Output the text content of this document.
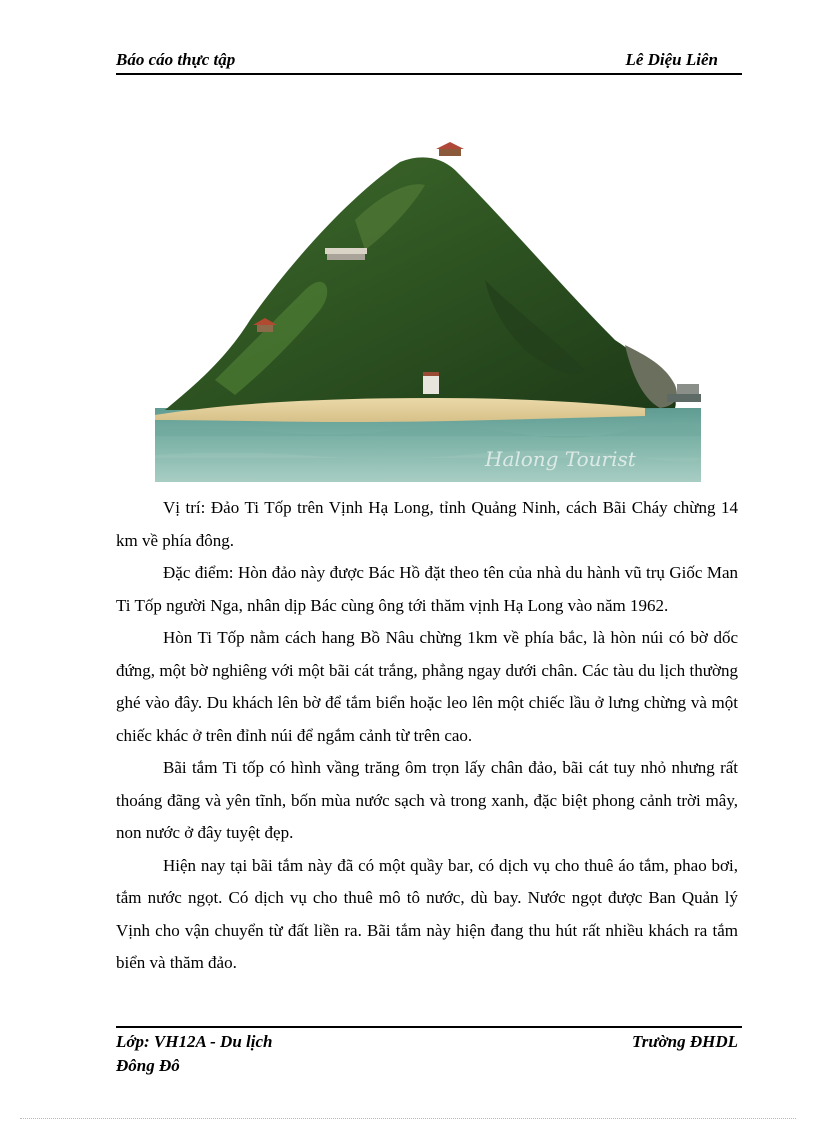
Báo cáo thực tập	Lê Diệu Liên
Halong Tourist

Vị trí: Đảo Ti Tốp trên Vịnh Hạ Long, tỉnh Quảng Ninh, cách Bãi Cháy chừng 14 km về phía đông.

Đặc điểm: Hòn đảo này được Bác Hồ đặt theo tên của nhà du hành vũ trụ Giốc Man Ti Tốp người Nga, nhân dịp Bác cùng ông tới thăm vịnh Hạ Long vào năm 1962.

Hòn Ti Tốp nằm cách hang Bồ Nâu chừng 1km về phía bắc, là hòn núi có bờ dốc đứng, một bờ nghiêng với một bãi cát trắng, phẳng ngay dưới chân. Các tàu du lịch thường ghé vào đây. Du khách lên bờ để tắm biển hoặc leo lên một chiếc lầu ở lưng chừng và một chiếc khác ở trên đỉnh núi để ngắm cảnh từ trên cao.

Bãi tắm Ti tốp có hình vầng trăng ôm trọn lấy chân đảo, bãi cát tuy nhỏ nhưng rất thoáng đãng và yên tĩnh, bốn mùa nước sạch và trong xanh, đặc biệt phong cảnh trời mây, non nước ở đây tuyệt đẹp.

Hiện nay tại bãi tắm này đã có một quầy bar, có dịch vụ cho thuê áo tắm, phao bơi, tắm nước ngọt. Có dịch vụ cho thuê mô tô nước, dù bay. Nước ngọt được Ban Quản lý Vịnh cho vận chuyển từ đất liền ra. Bãi tắm này hiện đang thu hút rất nhiều khách ra tắm biển và thăm đảo.

Lớp: VH12A - Du lịch
Đông Đô
Trường ĐHDL
